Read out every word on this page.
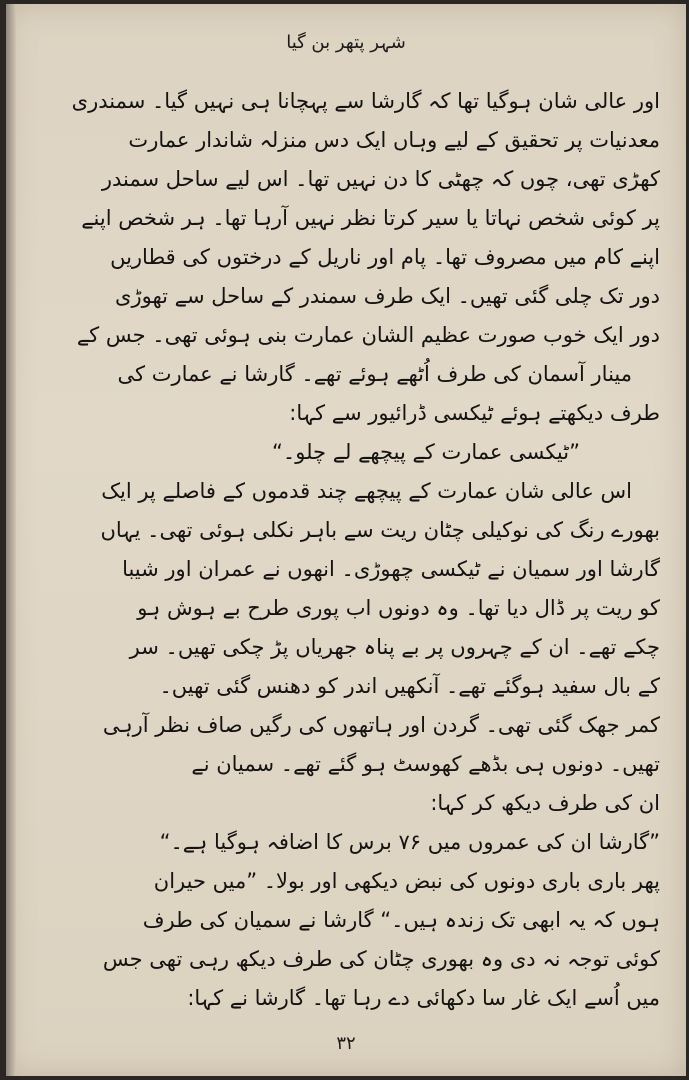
شہر پتھر بن گیا
اور عالی شان ہوگیا تھا کہ گارشا سے پہچانا ہی نہیں گیا۔ سمندری
معدنیات پر تحقیق کے لیے وہاں ایک دس منزلہ شاندار عمارت
کھڑی تھی، چوں کہ چھٹی کا دن نہیں تھا۔ اس لیے ساحل سمندر
پر کوئی شخص نہاتا یا سیر کرتا نظر نہیں آرہا تھا۔ ہر شخص اپنے
اپنے کام میں مصروف تھا۔ پام اور ناریل کے درختوں کی قطاریں
دور تک چلی گئی تھیں۔ ایک طرف سمندر کے ساحل سے تھوڑی
دور ایک خوب صورت عظیم الشان عمارت بنی ہوئی تھی۔ جس کے
مینار آسمان کی طرف اُٹھے ہوئے تھے۔ گارشا نے عمارت کی
طرف دیکھتے ہوئے ٹیکسی ڈرائیور سے کہا:
”ٹیکسی عمارت کے پیچھے لے چلو۔“
اس عالی شان عمارت کے پیچھے چند قدموں کے فاصلے پر ایک
بھورے رنگ کی نوکیلی چٹان ریت سے باہر نکلی ہوئی تھی۔ یہاں
گارشا اور سمیان نے ٹیکسی چھوڑی۔ انھوں نے عمران اور شیبا
کو ریت پر ڈال دیا تھا۔ وہ دونوں اب پوری طرح بے ہوش ہو
چکے تھے۔ ان کے چہروں پر بے پناہ جھریاں پڑ چکی تھیں۔ سر
کے بال سفید ہوگئے تھے۔ آنکھیں اندر کو دھنس گئی تھیں۔
کمر جھک گئی تھی۔ گردن اور ہاتھوں کی رگیں صاف نظر آرہی
تھیں۔ دونوں ہی بڈھے کھوسٹ ہو گئے تھے۔ سمیان نے
ان کی طرف دیکھ کر کہا:
”گارشا ان کی عمروں میں ۷۶ برس کا اضافہ ہوگیا ہے۔“
پھر باری باری دونوں کی نبض دیکھی اور بولا۔ ”میں حیران
ہوں کہ یہ ابھی تک زندہ ہیں۔“ گارشا نے سمیان کی طرف
کوئی توجہ نہ دی وہ بھوری چٹان کی طرف دیکھ رہی تھی جس
میں اُسے ایک غار سا دکھائی دے رہا تھا۔ گارشا نے کہا:
۳۲
